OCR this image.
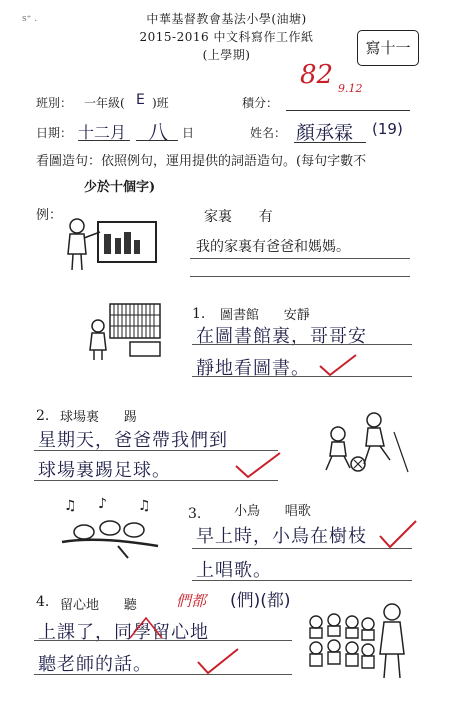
中華基督教會基法小學(油塘)
2015-2016 中文科寫作工作紙
(上學期)	寫十一
s⁺ .
82 9.12
班別： 一年級( E )班	積分：
日期： 十二月 八 日	姓名： 顏承霖 (19)
看圖造句：依照例句，運用提供的詞語造句。(每句字數不
少於十個字)
例：	家裏      有
我的家裏有爸爸和媽媽。
1. 圖書館      安靜
在圖書館裏，哥哥安
靜地看圖書。
2. 球場裏      踢
星期天，爸爸帶我們到
球場裏踢足球。
3.	小鳥      唱歌
早上時，小鳥在樹枝
上唱歌。
♫ ♪ ♫
4. 留心地      聽	們都 (們)(都)
上課了，同學留心地
聽老師的話。
